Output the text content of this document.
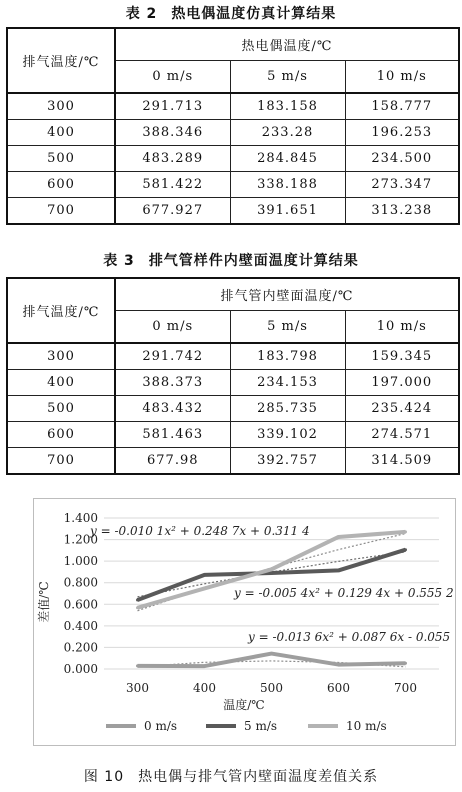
表 2 热电偶温度仿真计算结果
排气温度/℃	热电偶温度/℃		
	0 m/s	5 m/s	10 m/s
300	291.713	183.158	158.777
400	388.346	233.28	196.253
500	483.289	284.845	234.500
600	581.422	338.188	273.347
700	677.927	391.651	313.238
表 3 排气管样件内壁面温度计算结果
排气温度/℃	排气管内壁面温度/℃		
	0 m/s	5 m/s	10 m/s
300	291.742	183.798	159.345
400	388.373	234.153	197.000
500	483.432	285.735	235.424
600	581.463	339.102	274.571
700	677.98	392.757	314.509
0.000
0.200
0.400
0.600
0.800
1.000
1.200
1.400
300	400	500	600	700
y = -0.010 1x² + 0.248 7x + 0.311 4
y = -0.005 4x² + 0.129 4x + 0.555 2
y = -0.013 6x² + 0.087 6x - 0.055
温度/℃
差值/℃
0 m/s	5 m/s	10 m/s
图 10 热电偶与排气管内壁面温度差值关系
